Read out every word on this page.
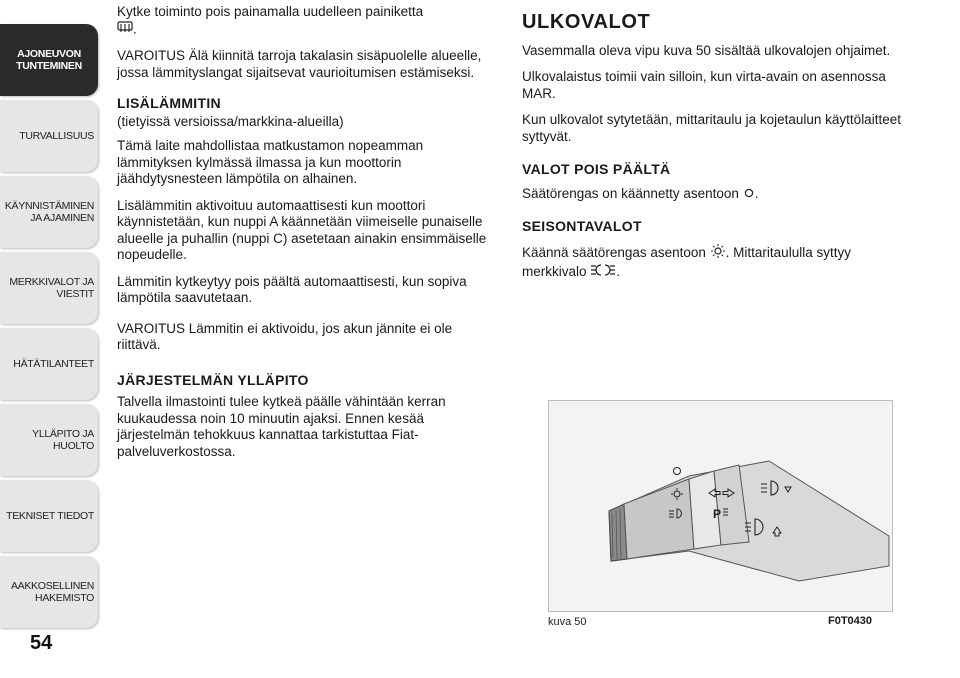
AJONEUVON
TUNTEMINEN
TURVALLISUUS
KÄYNNISTÄMINEN
JA AJAMINEN
MERKKIVALOT JA
VIESTIT
HÄTÄTILANTEET
YLLÄPITO JA HUOLTO
TEKNISET TIEDOT
AAKKOSELLINEN
HAKEMISTO
54

Kytke toiminto pois painamalla uudelleen painiketta
.

VAROITUS Älä kiinnitä tarroja takalasin sisäpuolelle alueelle, jossa lämmityslangat sijaitsevat vaurioitumisen estämiseksi.

LISÄLÄMMITIN

(tietyissä versioissa/markkina-alueilla)

Tämä laite mahdollistaa matkustamon nopeamman lämmityksen kylmässä ilmassa ja kun moottorin jäähdytysnesteen lämpötila on alhainen.

Lisälämmitin aktivoituu automaattisesti kun moottori käynnistetään, kun nuppi A käännetään viimeiselle punaiselle alueelle ja puhallin (nuppi C) asetetaan ainakin ensimmäiselle nopeudelle.

Lämmitin kytkeytyy pois päältä automaattisesti, kun sopiva lämpötila saavutetaan.

VAROITUS Lämmitin ei aktivoidu, jos akun jännite ei ole riittävä.

JÄRJESTELMÄN YLLÄPITO

Talvella ilmastointi tulee kytkeä päälle vähintään kerran kuukaudessa noin 10 minuutin ajaksi. Ennen kesää järjestelmän tehokkuus kannattaa tarkistuttaa Fiat-palveluverkostossa.

ULKOVALOT

Vasemmalla oleva vipu kuva 50 sisältää ulkovalojen ohjaimet.

Ulkovalaistus toimii vain silloin, kun virta-avain on asennossa MAR.

Kun ulkovalot sytytetään, mittaritaulu ja kojetaulun käyttölaitteet syttyvät.

VALOT POIS PÄÄLTÄ

Säätörengas on käännetty asentoon .

SEISONTAVALOT

Käännä säätörengas asentoon . Mittaritaululla syttyy merkkivalo .

P
kuva 50	F0T0430
